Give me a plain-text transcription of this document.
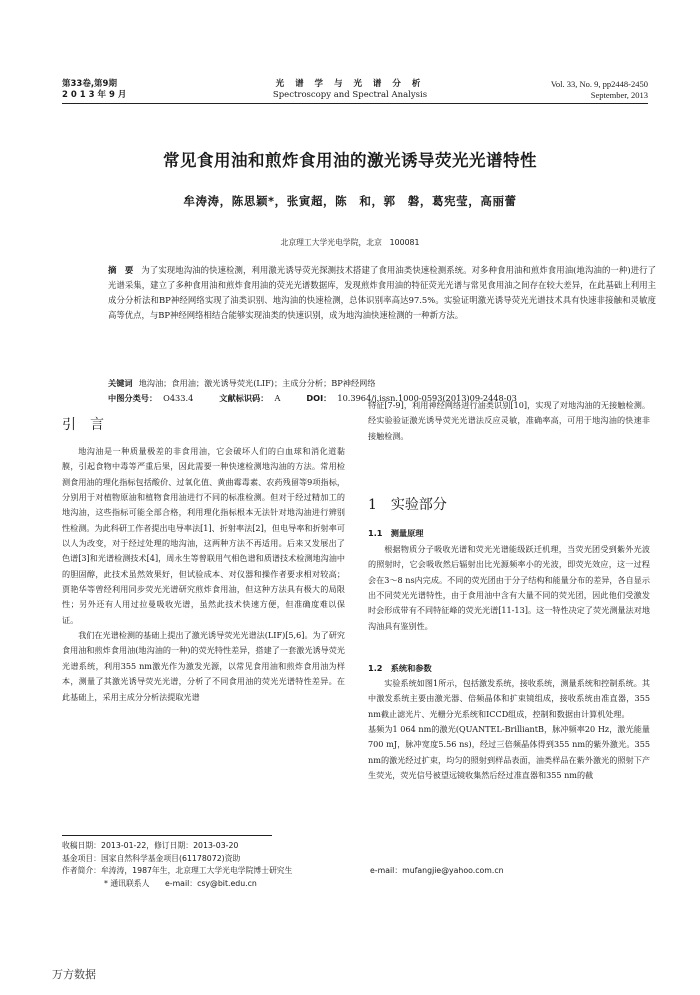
第33卷,第9期
2 0 1 3 年 9 月
光 谱 学 与 光 谱 分 析
Spectroscopy and Spectral Analysis
Vol. 33, No. 9, pp2448-2450
September, 2013
常见食用油和煎炸食用油的激光诱导荧光光谱特性
牟涛涛，陈思颖*，张寅超，陈　和，郭　磐，葛宪莹，高丽蕾
北京理工大学光电学院，北京　100081
摘　要 为了实现地沟油的快速检测，利用激光诱导荧光探测技术搭建了食用油类快速检测系统。对多种食用油和煎炸食用油(地沟油的一种)进行了光谱采集，建立了多种食用油和煎炸食用油的荧光光谱数据库，发现煎炸食用油的特征荧光光谱与常见食用油之间存在较大差异，在此基础上利用主成分分析法和BP神经网络实现了油类识别、地沟油的快速检测，总体识别率高达97.5%。实验证明激光诱导荧光光谱技术具有快速非接触和灵敏度高等优点，与BP神经网络相结合能够实现油类的快速识别，成为地沟油快速检测的一种新方法。
关键词 地沟油；食用油；激光诱导荧光(LIF)；主成分分析；BP神经网络
中图分类号： O433.4	文献标识码： A	DOI： 10.3964/j.issn.1000-0593(2013)09-2448-03
引　言

地沟油是一种质量极差的非食用油，它会破坏人们的白血球和消化道黏膜，引起食物中毒等严重后果，因此需要一种快速检测地沟油的方法。常用检测食用油的理化指标包括酸价、过氧化值、黄曲霉毒素、农药残留等9项指标，分别用于对植物原油和植物食用油进行不同的标准检测。但对于经过精加工的地沟油，这些指标可能全部合格，利用理化指标根本无法针对地沟油进行辨别性检测。为此科研工作者提出电导率法[1]、折射率法[2]，但电导率和折射率可以人为改变，对于经过处理的地沟油，这两种方法不再适用。后来又发展出了色谱[3]和光谱检测技术[4]，周永生等曾联用气相色谱和质谱技术检测地沟油中的胆固醇，此技术虽然效果好，但试验成本、对仪器和操作者要求相对较高；贾艳华等曾经利用同步荧光光谱研究煎炸食用油，但这种方法具有极大的局限性；另外还有人用过拉曼吸收光谱，虽然此技术快速方便，但准确度难以保证。

我们在光谱检测的基础上提出了激光诱导荧光光谱法(LIF)[5,6]。为了研究食用油和煎炸食用油(地沟油的一种)的荧光特性差异，搭建了一套激光诱导荧光光谱系统，利用355 nm激光作为激发光源，以常见食用油和煎炸食用油为样本，测量了其激光诱导荧光光谱，分析了不同食用油的荧光光谱特性差异。在此基础上，采用主成分分析法提取光谱

特征[7-9]，利用神经网络进行油类识别[10]，实现了对地沟油的无接触检测。经实验验证激光诱导荧光光谱法反应灵敏，准确率高，可用于地沟油的快速非接触检测。

1　实验部分
1.1　测量原理

根据物质分子吸收光谱和荧光光谱能级跃迁机理，当荧光团受到紫外光波的照射时，它会吸收然后辐射出比光源频率小的光波，即荧光效应，这一过程会在3～8 ns内完成。不同的荧光团由于分子结构和能量分布的差异，各自显示出不同荧光光谱特性，由于食用油中含有大量不同的荧光团，因此他们受激发时会形成带有不同特征峰的荧光光谱[11-13]。这一特性决定了荧光测量法对地沟油具有鉴别性。

1.2　系统和参数

实验系统如图1所示，包括激发系统，接收系统，测量系统和控制系统。其中激发系统主要由激光器、倍频晶体和扩束镜组成，接收系统由准直器，355 nm截止滤光片、光栅分光系统和ICCD组成，控制和数据由计算机处理。

基频为1 064 nm的激光(QUANTEL-BrilliantB，脉冲频率20 Hz，激光能量700 mJ，脉冲宽度5.56 ns)，经过三倍频晶体得到355 nm的紫外激光。355 nm的激光经过扩束，均匀的照射到样品表面，油类样品在紫外激光的照射下产生荧光，荧光信号被望远镜收集然后经过准直器和355 nm的截

收稿日期：2013-01-22，修订日期：2013-03-20
基金项目：国家自然科学基金项目(61178072)资助
作者简介：牟涛涛，1987年生，北京理工大学光电学院博士研究生	e-mail：mufangjie@yahoo.com.cn
* 通讯联系人　　e-mail：csy@bit.edu.cn
万方数据
